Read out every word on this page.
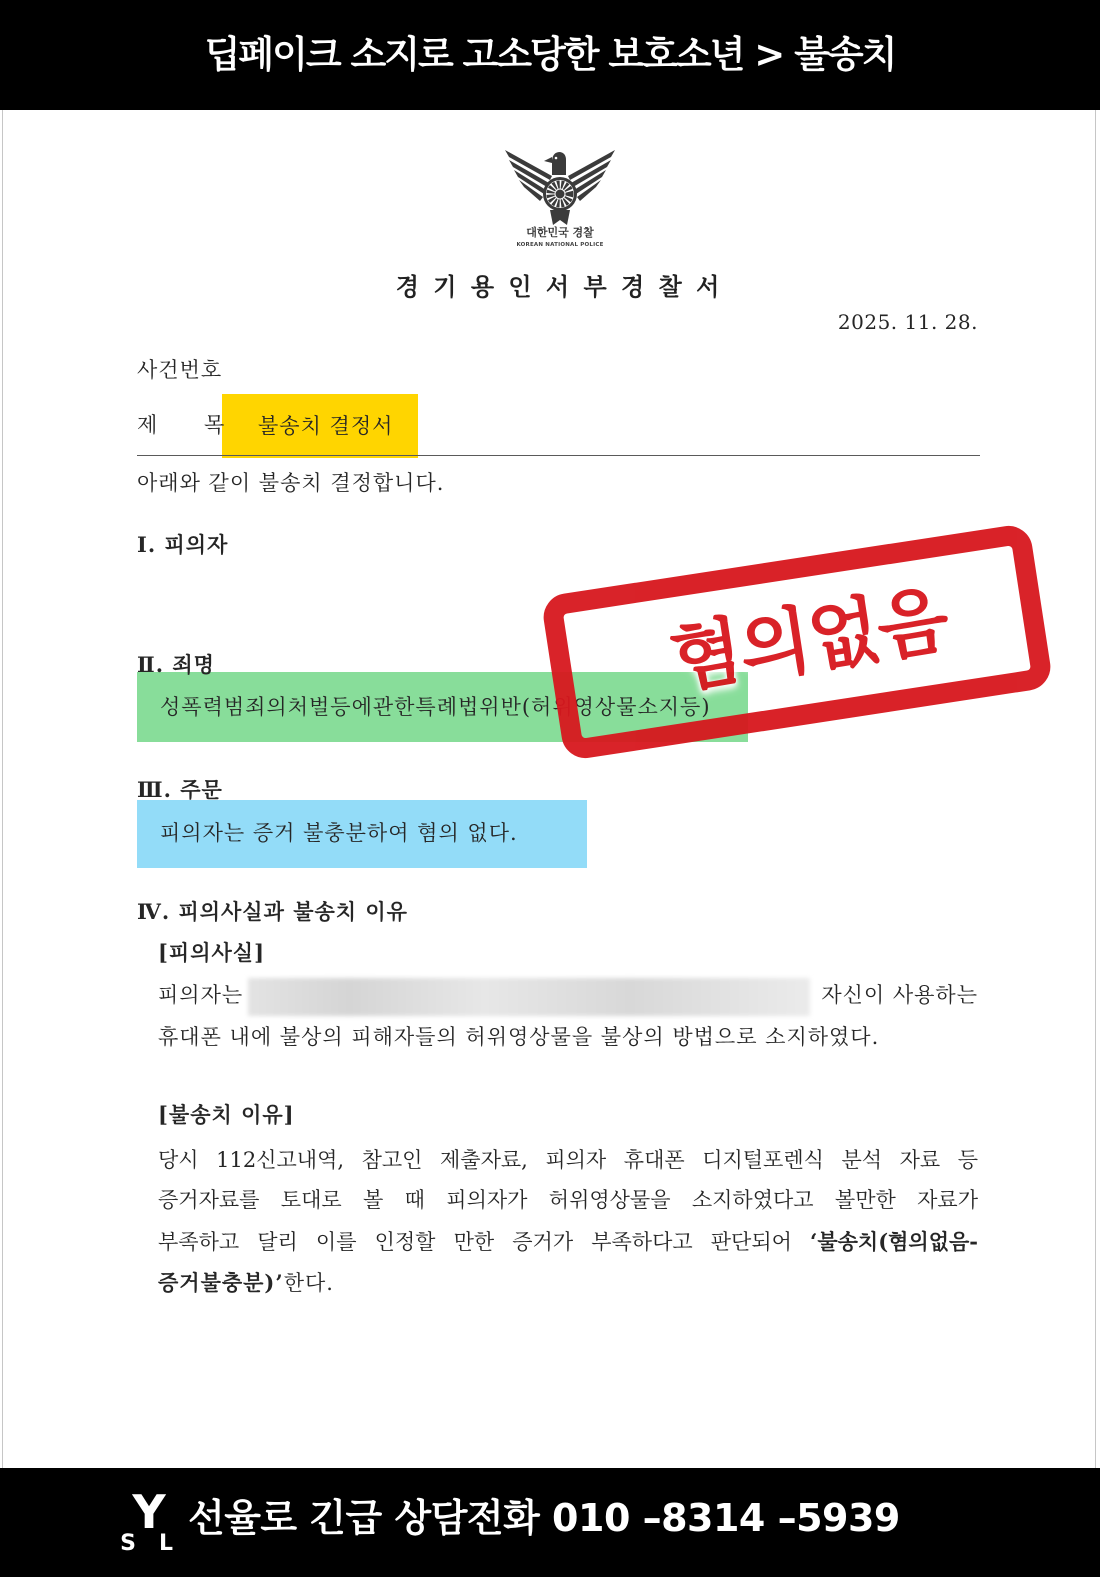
딥페이크 소지로 고소당한 보호소년 > 불송치
대한민국 경찰
KOREAN NATIONAL POLICE
경 기 용 인 서 부 경 찰 서
2025. 11. 28.
사건번호
불송치 결정서
제 목
아래와 같이 불송치 결정합니다.
Ⅰ. 피의자
성폭력범죄의처벌등에관한특례법위반(허위영상물소지등)
Ⅱ. 죄명
피의자는 증거 불충분하여 혐의 없다.
Ⅲ. 주문
Ⅳ. 피의사실과 불송치 이유
[피의사실]
피의자는	자신이 사용하는
휴대폰 내에 불상의 피해자들의 허위영상물을 불상의 방법으로 소지하였다.
[불송치 이유]
당시 112신고내역, 참고인 제출자료, 피의자 휴대폰 디지털포렌식 분석 자료 등
증거자료를 토대로 볼 때 피의자가 허위영상물을 소지하였다고 볼만한 자료가
부족하고 달리 이를 인정할 만한 증거가 부족하다고 판단되어 ‘불송치(혐의없음-
증거불충분)’한다.
혐의없음
Y
S L
선율로 긴급 상담전화 010 –8314 –5939
